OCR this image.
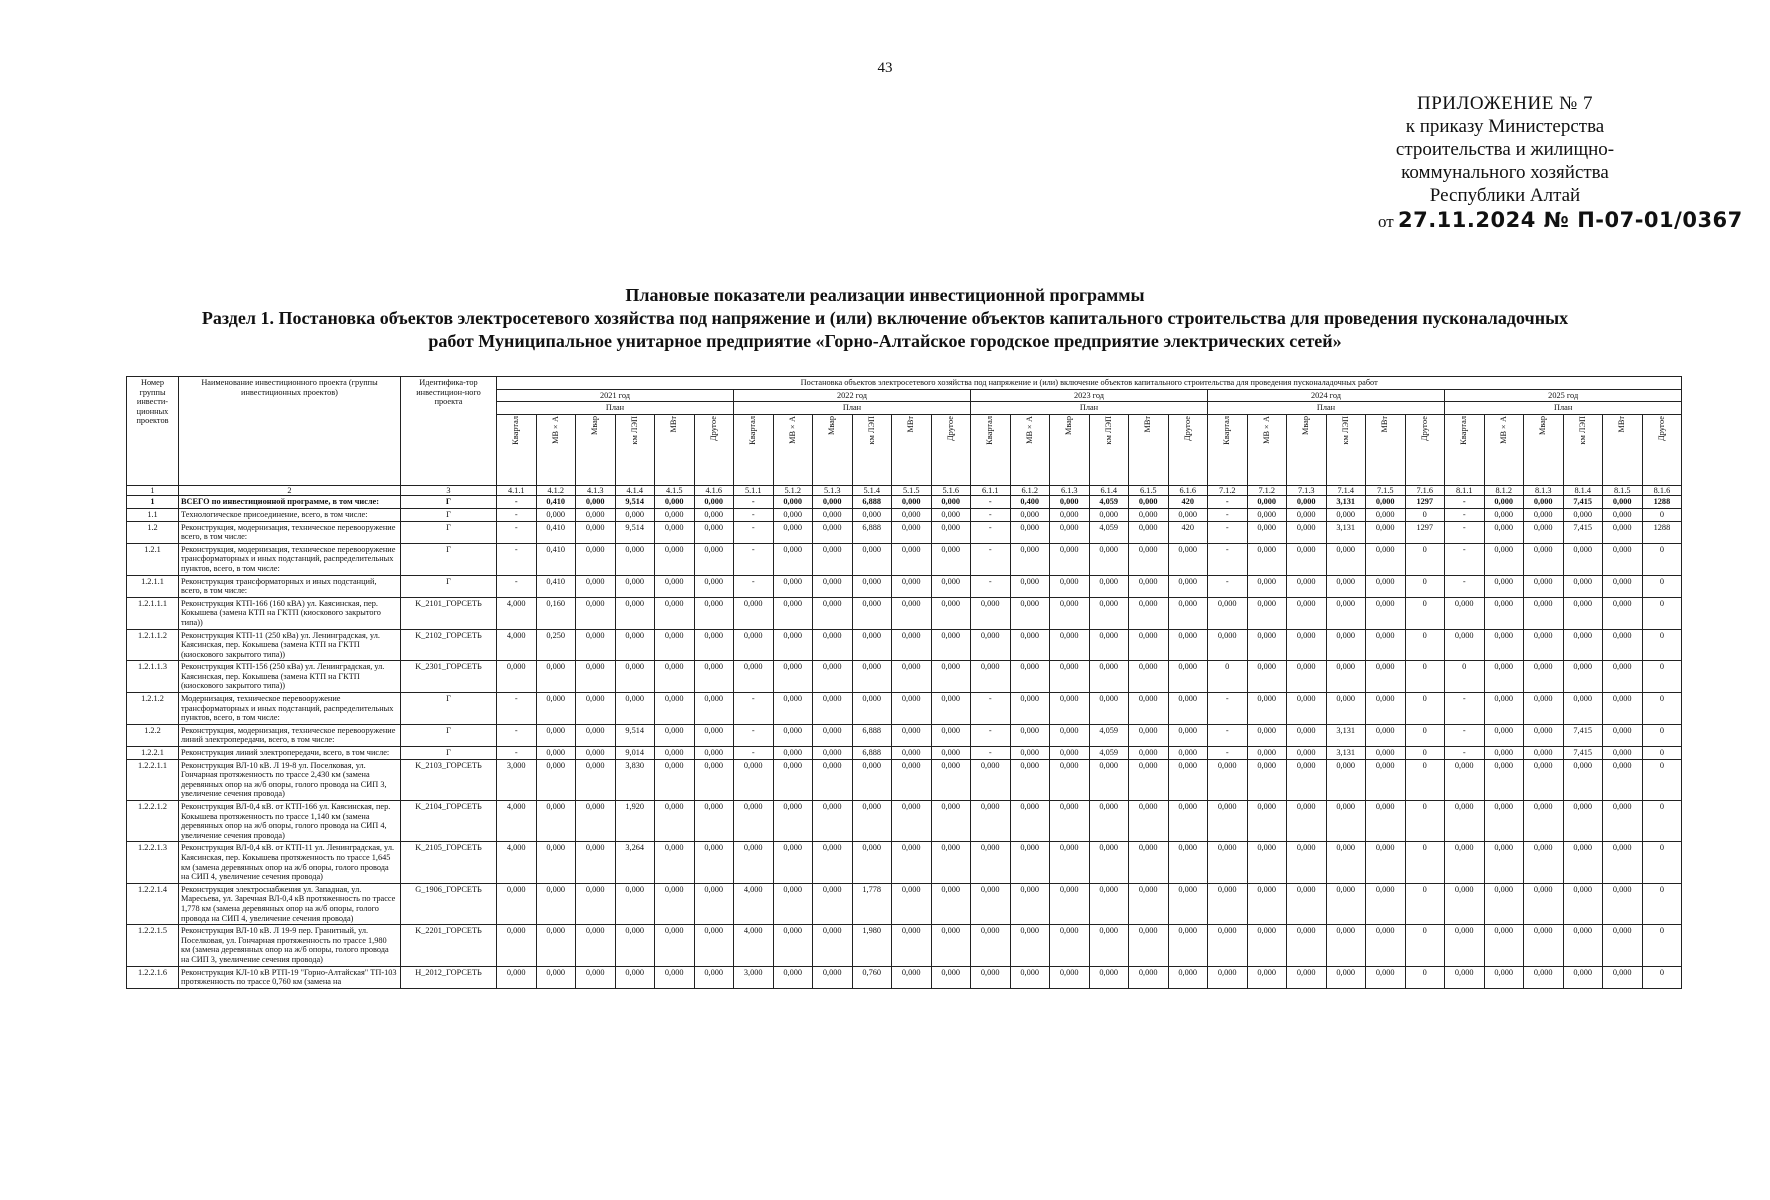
43
ПРИЛОЖЕНИЕ № 7
к приказу Министерства
строительства и жилищно-
коммунального хозяйства
Республики Алтай
от 27.11.2024 № П-07-01/0367
Плановые показатели реализации инвестиционной программы
Раздел 1. Постановка объектов электросетевого хозяйства под напряжение и (или) включение объектов капитального строительства для проведения пусконаладочных
работ Муниципальное унитарное предприятие «Горно-Алтайское городское предприятие электрических сетей»
Номер группы инвести-ционных проектов	Наименование инвестиционного проекта (группы инвестиционных проектов)	Идентифика-тор инвестицион-ного проекта	Постановка объектов электросетевого хозяйства под напряжение и (или) включение объектов капитального строительства для проведения пусконаладочных работ																													
			2021 год						2022 год						2023 год						2024 год						2025 год					
			План						План						План						План						План					
			Квартал	МВ×А	Мвар	км ЛЭП	МВт	Другое	Квартал	МВ×А	Мвар	км ЛЭП	МВт	Другое	Квартал	МВ×А	Мвар	км ЛЭП	МВт	Другое	Квартал	МВ×А	Мвар	км ЛЭП	МВт	Другое	Квартал	МВ×А	Мвар	км ЛЭП	МВт	Другое
1	2	3	4.1.1	4.1.2	4.1.3	4.1.4	4.1.5	4.1.6	5.1.1	5.1.2	5.1.3	5.1.4	5.1.5	5.1.6	6.1.1	6.1.2	6.1.3	6.1.4	6.1.5	6.1.6	7.1.2	7.1.2	7.1.3	7.1.4	7.1.5	7.1.6	8.1.1	8.1.2	8.1.3	8.1.4	8.1.5	8.1.6
1	ВСЕГО по инвестиционной программе, в том числе:	Г	-	0,410	0,000	9,514	0,000	0,000	-	0,000	0,000	6,888	0,000	0,000	-	0,400	0,000	4,059	0,000	420	-	0,000	0,000	3,131	0,000	1297	-	0,000	0,000	7,415	0,000	1288
1.1	Технологическое присоединение, всего, в том числе:	Г	-	0,000	0,000	0,000	0,000	0,000	-	0,000	0,000	0,000	0,000	0,000	-	0,000	0,000	0,000	0,000	0,000	-	0,000	0,000	0,000	0,000	0	-	0,000	0,000	0,000	0,000	0
1.2	Реконструкция, модернизация, техническое перевооружение всего, в том числе:	Г	-	0,410	0,000	9,514	0,000	0,000	-	0,000	0,000	6,888	0,000	0,000	-	0,000	0,000	4,059	0,000	420	-	0,000	0,000	3,131	0,000	1297	-	0,000	0,000	7,415	0,000	1288
1.2.1	Реконструкция, модернизация, техническое перевооружение трансформаторных и иных подстанций, распределительных пунктов, всего, в том числе:	Г	-	0,410	0,000	0,000	0,000	0,000	-	0,000	0,000	0,000	0,000	0,000	-	0,000	0,000	0,000	0,000	0,000	-	0,000	0,000	0,000	0,000	0	-	0,000	0,000	0,000	0,000	0
1.2.1.1	Реконструкция трансформаторных и иных подстанций, всего, в том числе:	Г	-	0,410	0,000	0,000	0,000	0,000	-	0,000	0,000	0,000	0,000	0,000	-	0,000	0,000	0,000	0,000	0,000	-	0,000	0,000	0,000	0,000	0	-	0,000	0,000	0,000	0,000	0
1.2.1.1.1	Реконструкция КТП-166 (160 кВА) ул. Каясинская, пер. Кокышева (замена КТП на ГКТП (киоскового закрытого типа))	K_2101_ГОРСЕТЬ	4,000	0,160	0,000	0,000	0,000	0,000	0,000	0,000	0,000	0,000	0,000	0,000	0,000	0,000	0,000	0,000	0,000	0,000	0,000	0,000	0,000	0,000	0,000	0	0,000	0,000	0,000	0,000	0,000	0
1.2.1.1.2	Реконструкция КТП-11 (250 кВа) ул. Ленинградская, ул. Каясинская, пер. Кокышева (замена КТП на ГКТП (киоскового закрытого типа))	K_2102_ГОРСЕТЬ	4,000	0,250	0,000	0,000	0,000	0,000	0,000	0,000	0,000	0,000	0,000	0,000	0,000	0,000	0,000	0,000	0,000	0,000	0,000	0,000	0,000	0,000	0,000	0	0,000	0,000	0,000	0,000	0,000	0
1.2.1.1.3	Реконструкция КТП-156 (250 кВа) ул. Ленинградская, ул. Каясинская, пер. Кокышева (замена КТП на ГКТП (киоскового закрытого типа))	K_2301_ГОРСЕТЬ	0,000	0,000	0,000	0,000	0,000	0,000	0,000	0,000	0,000	0,000	0,000	0,000	0,000	0,000	0,000	0,000	0,000	0,000	0	0,000	0,000	0,000	0,000	0	0	0,000	0,000	0,000	0,000	0
1.2.1.2	Модернизация, техническое перевооружение трансформаторных и иных подстанций, распределительных пунктов, всего, в том числе:	Г	-	0,000	0,000	0,000	0,000	0,000	-	0,000	0,000	0,000	0,000	0,000	-	0,000	0,000	0,000	0,000	0,000	-	0,000	0,000	0,000	0,000	0	-	0,000	0,000	0,000	0,000	0
1.2.2	Реконструкция, модернизация, техническое перевооружение линий электропередачи, всего, в том числе:	Г	-	0,000	0,000	9,514	0,000	0,000	-	0,000	0,000	6,888	0,000	0,000	-	0,000	0,000	4,059	0,000	0,000	-	0,000	0,000	3,131	0,000	0	-	0,000	0,000	7,415	0,000	0
1.2.2.1	Реконструкция линий электропередачи, всего, в том числе:	Г	-	0,000	0,000	9,014	0,000	0,000	-	0,000	0,000	6,888	0,000	0,000	-	0,000	0,000	4,059	0,000	0,000	-	0,000	0,000	3,131	0,000	0	-	0,000	0,000	7,415	0,000	0
1.2.2.1.1	Реконструкция ВЛ-10 кВ. Л 19-8 ул. Поселковая, ул. Гончарная протяженность по трассе 2,430 км (замена деревянных опор на ж/б опоры, голого провода на СИП 3, увеличение сечения провода)	K_2103_ГОРСЕТЬ	3,000	0,000	0,000	3,830	0,000	0,000	0,000	0,000	0,000	0,000	0,000	0,000	0,000	0,000	0,000	0,000	0,000	0,000	0,000	0,000	0,000	0,000	0,000	0	0,000	0,000	0,000	0,000	0,000	0
1.2.2.1.2	Реконструкция ВЛ-0,4 кВ. от КТП-166 ул. Каясинская, пер. Кокышева протяженность по трассе 1,140 км (замена деревянных опор на ж/б опоры, голого провода на СИП 4, увеличение сечения провода)	K_2104_ГОРСЕТЬ	4,000	0,000	0,000	1,920	0,000	0,000	0,000	0,000	0,000	0,000	0,000	0,000	0,000	0,000	0,000	0,000	0,000	0,000	0,000	0,000	0,000	0,000	0,000	0	0,000	0,000	0,000	0,000	0,000	0
1.2.2.1.3	Реконструкция ВЛ-0,4 кВ. от КТП-11 ул. Ленинградская, ул. Каясинская, пер. Кокышева протяженность по трассе 1,645 км (замена деревянных опор на ж/б опоры, голого провода на СИП 4, увеличение сечения провода)	K_2105_ГОРСЕТЬ	4,000	0,000	0,000	3,264	0,000	0,000	0,000	0,000	0,000	0,000	0,000	0,000	0,000	0,000	0,000	0,000	0,000	0,000	0,000	0,000	0,000	0,000	0,000	0	0,000	0,000	0,000	0,000	0,000	0
1.2.2.1.4	Реконструкция электроснабжения ул. Западная, ул. Маресьева, ул. Заречная ВЛ-0,4 кВ протяженность по трассе 1,778 км (замена деревянных опор на ж/б опоры, голого провода на СИП 4, увеличение сечения провода)	G_1906_ГОРСЕТЬ	0,000	0,000	0,000	0,000	0,000	0,000	4,000	0,000	0,000	1,778	0,000	0,000	0,000	0,000	0,000	0,000	0,000	0,000	0,000	0,000	0,000	0,000	0,000	0	0,000	0,000	0,000	0,000	0,000	0
1.2.2.1.5	Реконструкция ВЛ-10 кВ. Л 19-9 пер. Гранитный, ул. Поселковая, ул. Гончарная протяженность по трассе 1,980 км (замена деревянных опор на ж/б опоры, голого провода на СИП 3, увеличение сечения провода)	K_2201_ГОРСЕТЬ	0,000	0,000	0,000	0,000	0,000	0,000	4,000	0,000	0,000	1,980	0,000	0,000	0,000	0,000	0,000	0,000	0,000	0,000	0,000	0,000	0,000	0,000	0,000	0	0,000	0,000	0,000	0,000	0,000	0
1.2.2.1.6	Реконструкция КЛ-10 кВ РТП-19 "Горно-Алтайская" ТП-103 протяженность по трассе 0,760 км (замена на	H_2012_ГОРСЕТЬ	0,000	0,000	0,000	0,000	0,000	0,000	3,000	0,000	0,000	0,760	0,000	0,000	0,000	0,000	0,000	0,000	0,000	0,000	0,000	0,000	0,000	0,000	0,000	0	0,000	0,000	0,000	0,000	0,000	0
